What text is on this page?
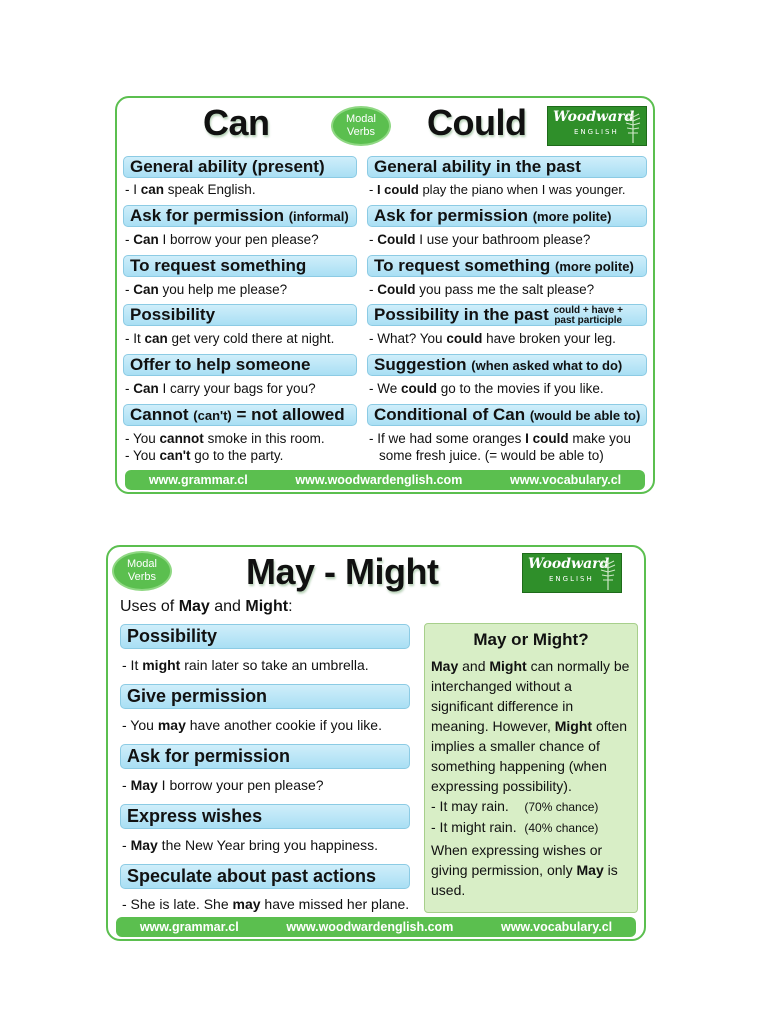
Can	Modal
Verbs	Could Woodward
ENGLISH
General ability (present)
- I can speak English.
Ask for permission (informal)
- Can I borrow your pen please?
To request something
- Can you help me please?
Possibility
- It can get very cold there at night.
Offer to help someone
- Can I carry your bags for you?
Cannot (can't) = not allowed
- You cannot smoke in this room.
- You can't go to the party.
General ability in the past
- I could play the piano when I was younger.
Ask for permission (more polite)
- Could I use your bathroom please?
To request something (more polite)
- Could you pass me the salt please?
Possibility in the past could + have +
past participle
- What? You could have broken your leg.
Suggestion (when asked what to do)
- We could go to the movies if you like.
Conditional of Can (would be able to)
- If we had some oranges I could make you
some fresh juice. (= would be able to)
www.grammar.cl	www.woodwardenglish.com	www.vocabulary.cl
Modal
Verbs	May - Might	Woodward
ENGLISH
Uses of May and Might:
Possibility
- It might rain later so take an umbrella.
Give permission
- You may have another cookie if you like.
Ask for permission
- May I borrow your pen please?
Express wishes
- May the New Year bring you happiness.
Speculate about past actions
- She is late. She may have missed her plane.
May or Might?
May and Might can normally be interchanged without a significant difference in meaning. However, Might often implies a smaller chance of something happening (when expressing possibility).
- It may rain. (70% chance)
- It might rain. (40% chance)
When expressing wishes or giving permission, only May is used.
www.grammar.cl	www.woodwardenglish.com	www.vocabulary.cl
